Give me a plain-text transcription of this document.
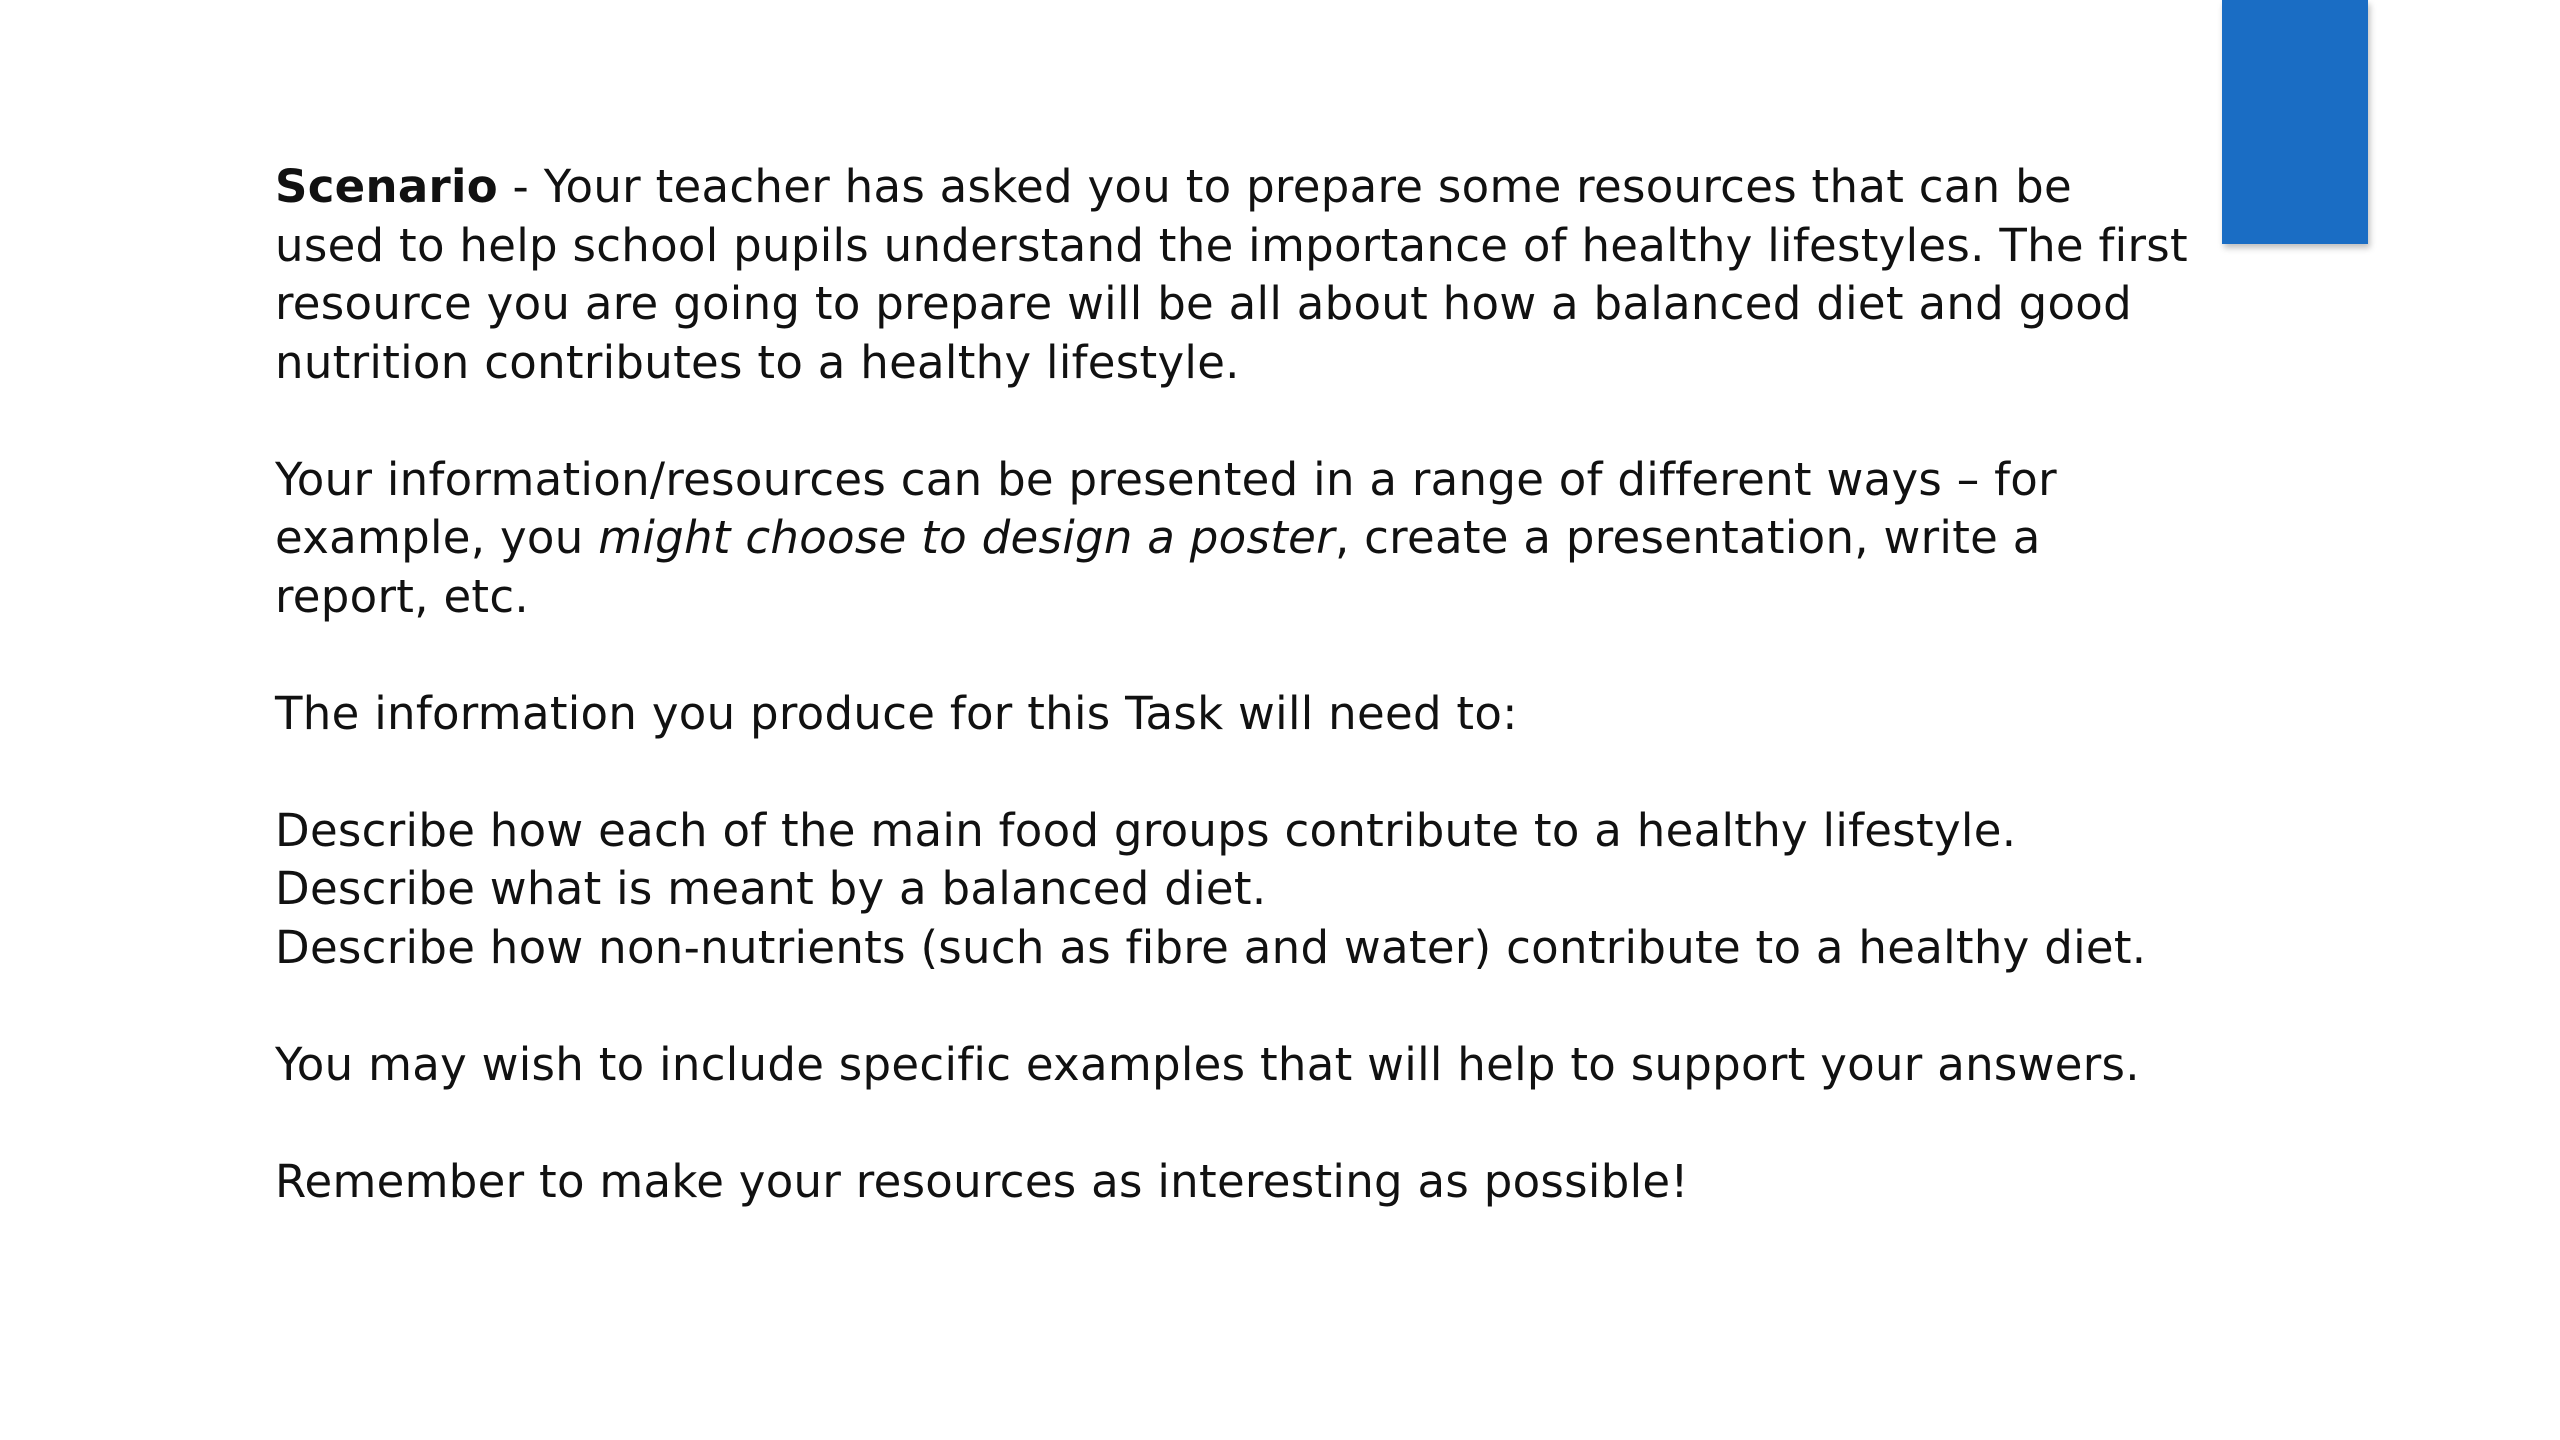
Scenario - Your teacher has asked you to prepare some resources that can be
used to help school pupils understand the importance of healthy lifestyles. The first
resource you are going to prepare will be all about how a balanced diet and good
nutrition contributes to a healthy lifestyle.

Your information/resources can be presented in a range of different ways – for
example, you might choose to design a poster, create a presentation, write a
report, etc.

The information you produce for this Task will need to:

Describe how each of the main food groups contribute to a healthy lifestyle.
Describe what is meant by a balanced diet.
Describe how non-nutrients (such as fibre and water) contribute to a healthy diet.

You may wish to include specific examples that will help to support your answers.

Remember to make your resources as interesting as possible!
